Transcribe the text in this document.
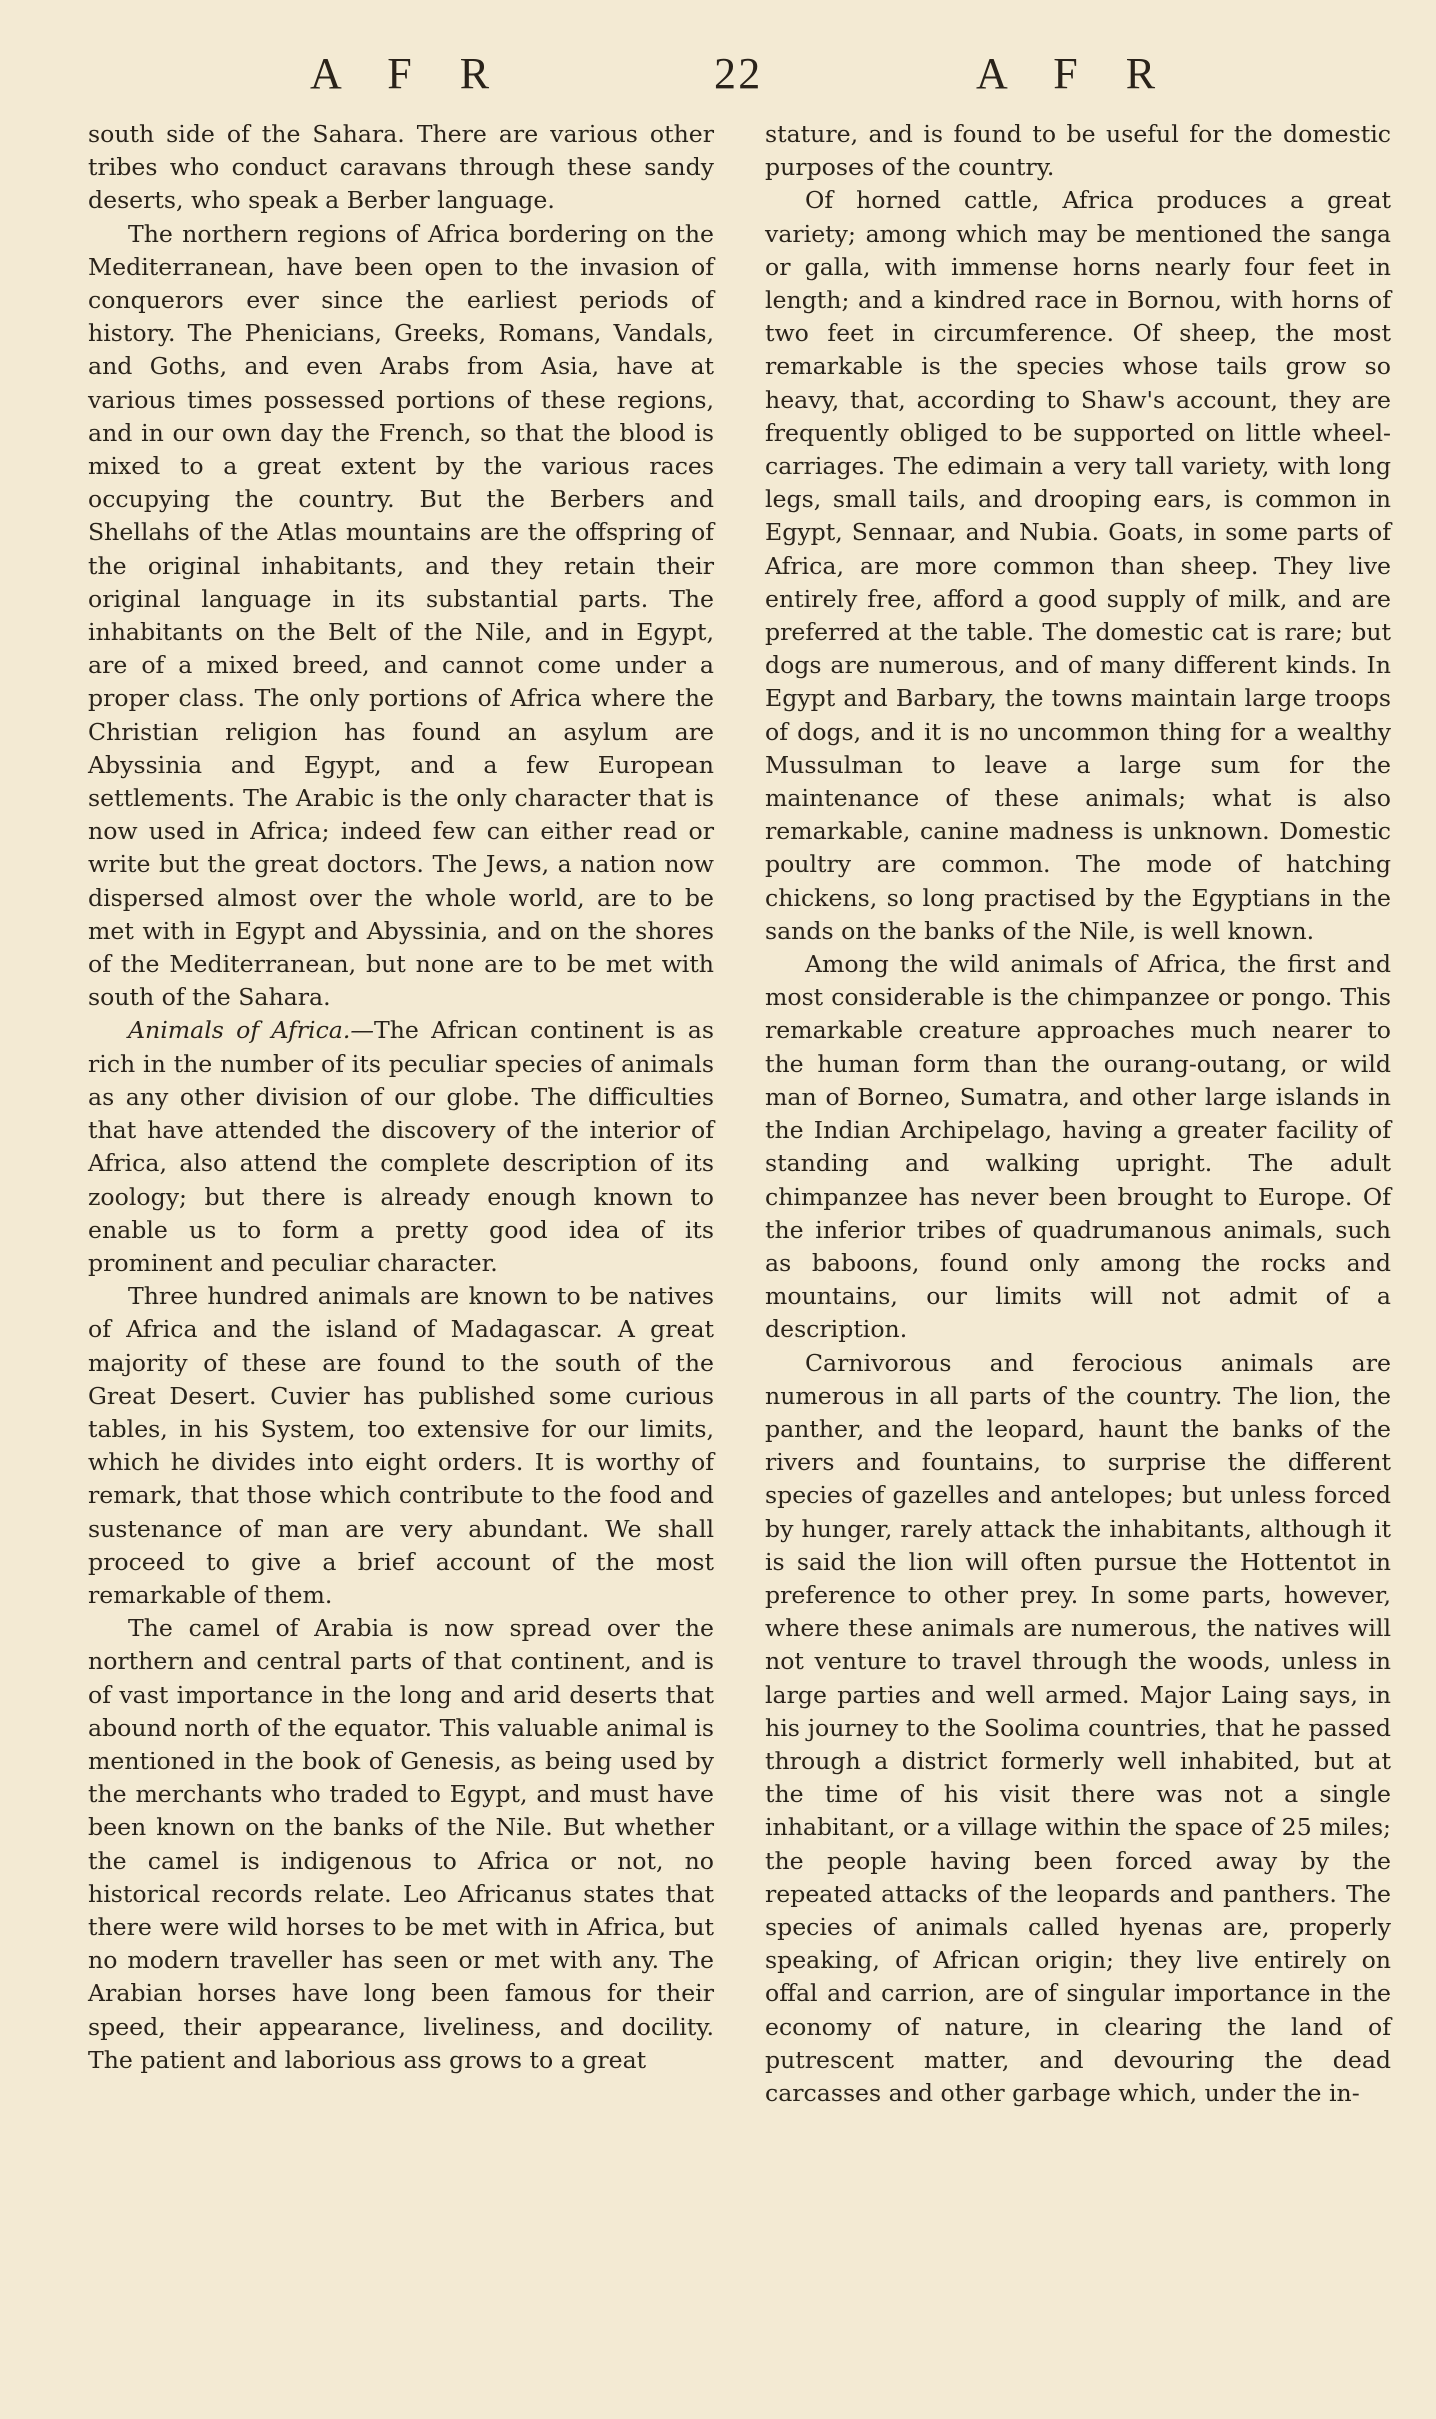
A F R	22	A F R

south side of the Sahara. There are various other tribes who conduct caravans through these sandy deserts, who speak a Berber language.

The northern regions of Africa bordering on the Mediterranean, have been open to the invasion of conquerors ever since the earliest periods of history. The Phenicians, Greeks, Romans, Vandals, and Goths, and even Arabs from Asia, have at various times possessed portions of these regions, and in our own day the French, so that the blood is mixed to a great extent by the various races occupying the country. But the Berbers and Shellahs of the Atlas mountains are the offspring of the original inhabitants, and they retain their original language in its substantial parts. The inhabitants on the Belt of the Nile, and in Egypt, are of a mixed breed, and cannot come under a proper class. The only portions of Africa where the Christian religion has found an asylum are Abyssinia and Egypt, and a few European settlements. The Arabic is the only character that is now used in Africa; indeed few can either read or write but the great doctors. The Jews, a nation now dispersed almost over the whole world, are to be met with in Egypt and Abyssinia, and on the shores of the Mediterranean, but none are to be met with south of the Sahara.

Animals of Africa.—The African continent is as rich in the number of its peculiar species of animals as any other division of our globe. The difficulties that have attended the discovery of the interior of Africa, also attend the complete description of its zoology; but there is already enough known to enable us to form a pretty good idea of its prominent and peculiar character.

Three hundred animals are known to be natives of Africa and the island of Madagascar. A great majority of these are found to the south of the Great Desert. Cuvier has published some curious tables, in his System, too extensive for our limits, which he divides into eight orders. It is worthy of remark, that those which contribute to the food and sustenance of man are very abundant. We shall proceed to give a brief account of the most remarkable of them.

The camel of Arabia is now spread over the northern and central parts of that continent, and is of vast importance in the long and arid deserts that abound north of the equator. This valuable animal is mentioned in the book of Genesis, as being used by the merchants who traded to Egypt, and must have been known on the banks of the Nile. But whether the camel is indigenous to Africa or not, no historical records relate. Leo Africanus states that there were wild horses to be met with in Africa, but no modern traveller has seen or met with any. The Arabian horses have long been famous for their speed, their appearance, liveliness, and docility. The patient and laborious ass grows to a great

stature, and is found to be useful for the domestic purposes of the country.

Of horned cattle, Africa produces a great variety; among which may be mentioned the sanga or galla, with immense horns nearly four feet in length; and a kindred race in Bornou, with horns of two feet in circumference. Of sheep, the most remarkable is the species whose tails grow so heavy, that, according to Shaw's account, they are frequently obliged to be supported on little wheel-carriages. The edimain a very tall variety, with long legs, small tails, and drooping ears, is common in Egypt, Sennaar, and Nubia. Goats, in some parts of Africa, are more common than sheep. They live entirely free, afford a good supply of milk, and are preferred at the table. The domestic cat is rare; but dogs are numerous, and of many different kinds. In Egypt and Barbary, the towns maintain large troops of dogs, and it is no uncommon thing for a wealthy Mussulman to leave a large sum for the maintenance of these animals; what is also remarkable, canine madness is unknown. Domestic poultry are common. The mode of hatching chickens, so long practised by the Egyptians in the sands on the banks of the Nile, is well known.

Among the wild animals of Africa, the first and most considerable is the chimpanzee or pongo. This remarkable creature approaches much nearer to the human form than the ourang-outang, or wild man of Borneo, Sumatra, and other large islands in the Indian Archipelago, having a greater facility of standing and walking upright. The adult chimpanzee has never been brought to Europe. Of the inferior tribes of quadrumanous animals, such as baboons, found only among the rocks and mountains, our limits will not admit of a description.

Carnivorous and ferocious animals are numerous in all parts of the country. The lion, the panther, and the leopard, haunt the banks of the rivers and fountains, to surprise the different species of gazelles and antelopes; but unless forced by hunger, rarely attack the inhabitants, although it is said the lion will often pursue the Hottentot in preference to other prey. In some parts, however, where these animals are numerous, the natives will not venture to travel through the woods, unless in large parties and well armed. Major Laing says, in his journey to the Soolima countries, that he passed through a district formerly well inhabited, but at the time of his visit there was not a single inhabitant, or a village within the space of 25 miles; the people having been forced away by the repeated attacks of the leopards and panthers. The species of animals called hyenas are, properly speaking, of African origin; they live entirely on offal and carrion, are of singular importance in the economy of nature, in clearing the land of putrescent matter, and devouring the dead carcasses and other garbage which, under the in-
